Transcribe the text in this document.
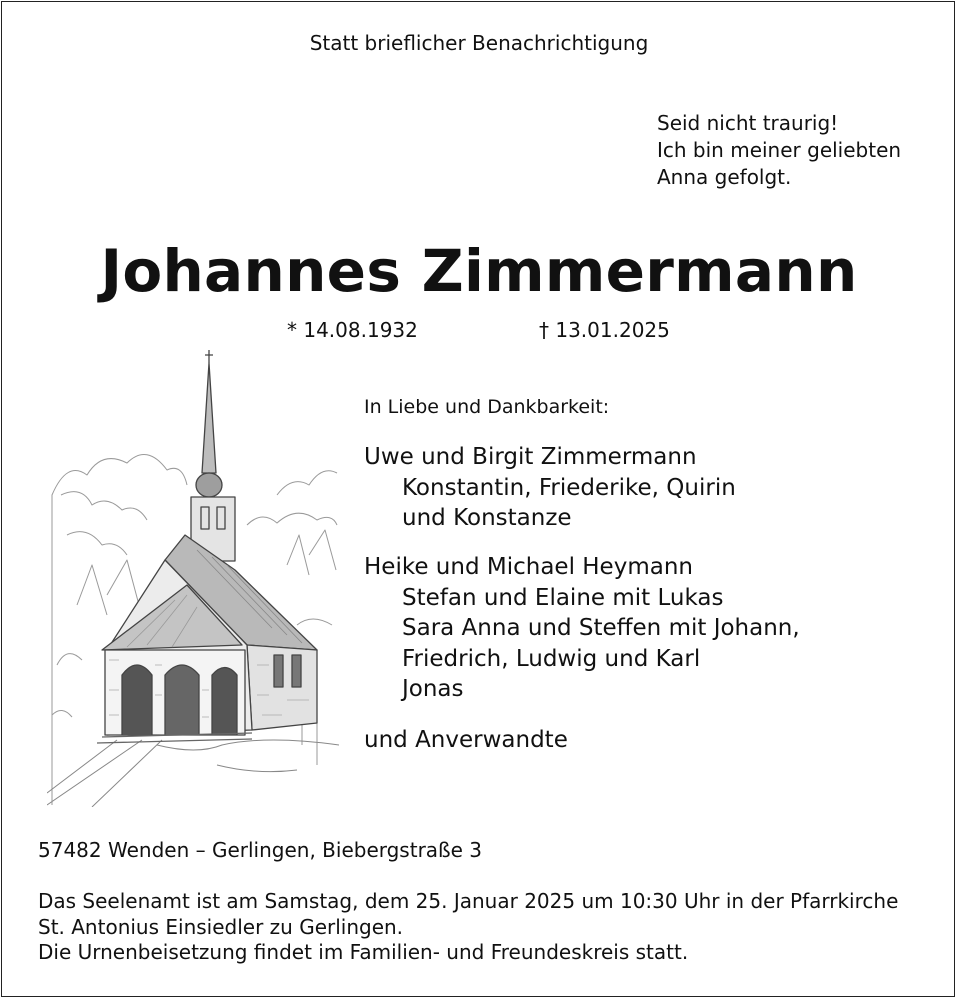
Statt brieflicher Benachrichtigung
Seid nicht traurig!
Ich bin meiner geliebten
Anna gefolgt.
Johannes Zimmermann
* 14.08.1932	† 13.01.2025
In Liebe und Dankbarkeit:
Uwe und Birgit Zimmermann
Konstantin, Friederike, Quirin
und Konstanze
Heike und Michael Heymann
Stefan und Elaine mit Lukas
Sara Anna und Steffen mit Johann,
Friedrich, Ludwig und Karl
Jonas
und Anverwandte
57482 Wenden – Gerlingen, Biebergstraße 3
Das Seelenamt ist am Samstag, dem 25. Januar 2025 um 10:30 Uhr in der Pfarrkirche
St. Antonius Einsiedler zu Gerlingen.
Die Urnenbeisetzung findet im Familien- und Freundeskreis statt.
